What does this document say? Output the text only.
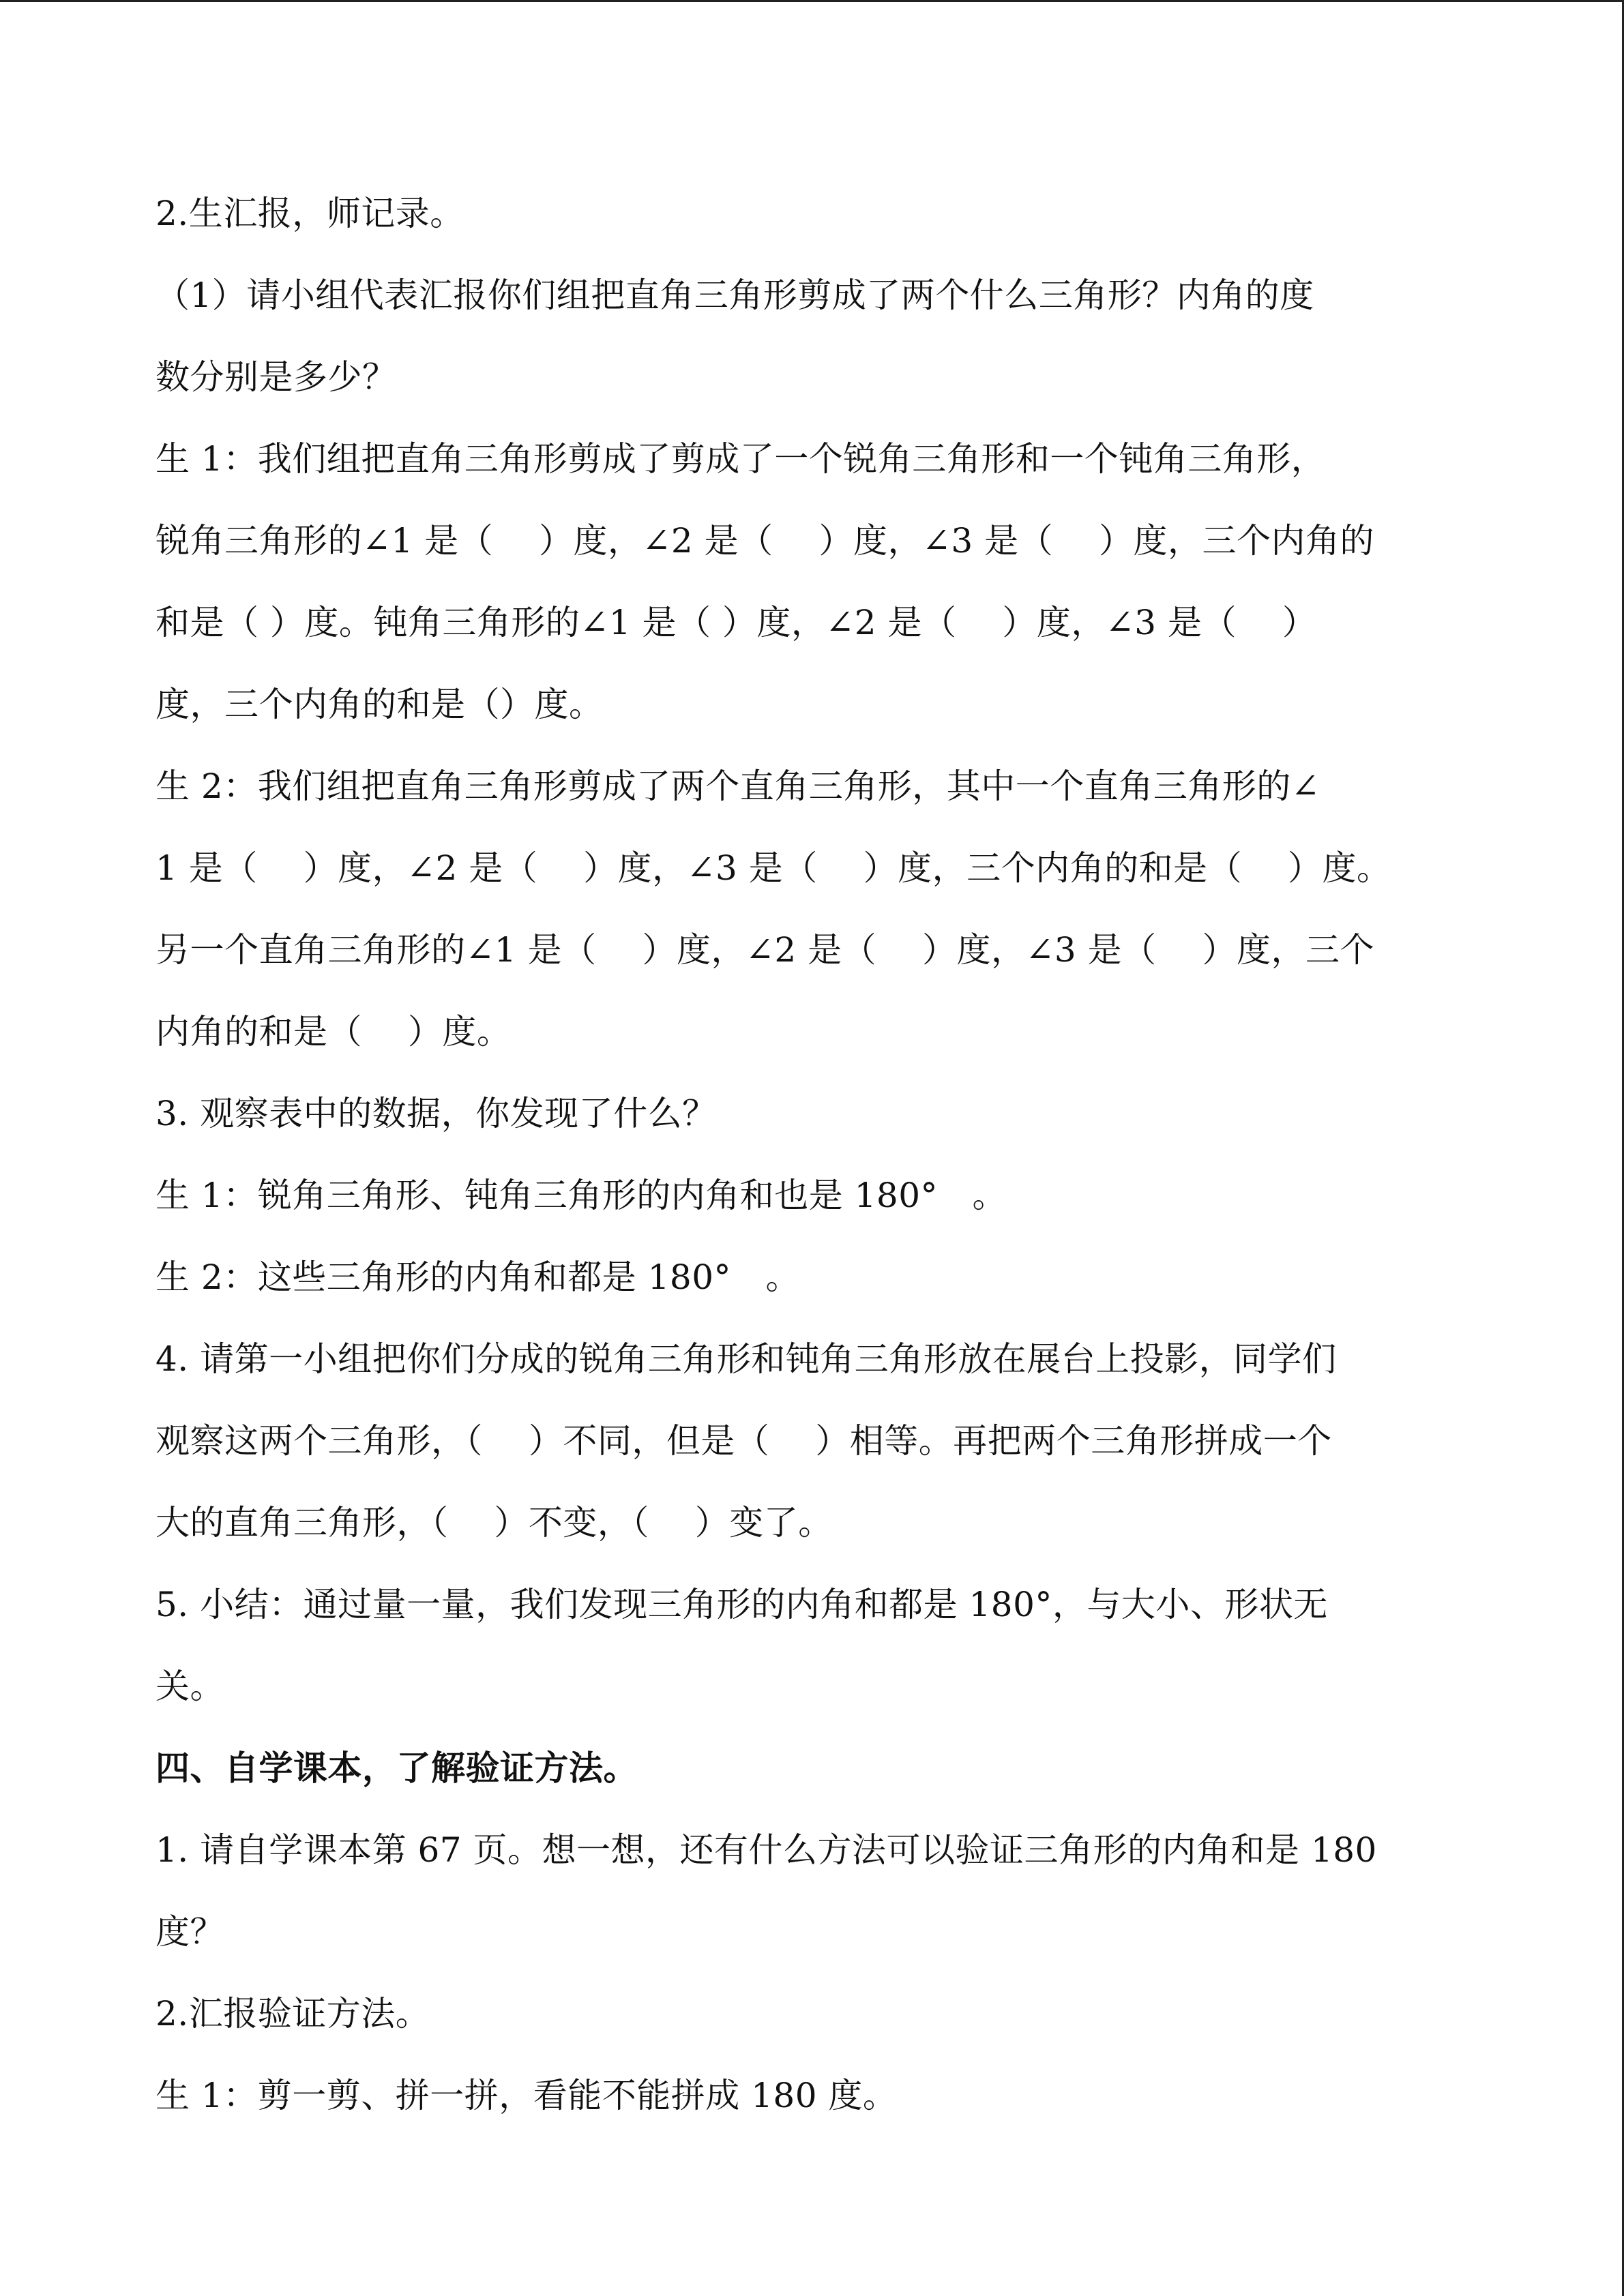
2.生汇报，师记录。
（1）请小组代表汇报你们组把直角三角形剪成了两个什么三角形？内角的度
数分别是多少？
生 1：我们组把直角三角形剪成了剪成了一个锐角三角形和一个钝角三角形，
锐角三角形的∠1 是（　 ）度，∠2 是（　 ）度，∠3 是（　 ）度，三个内角的
和是（ ）度。钝角三角形的∠1 是（ ）度，∠2 是（　 ）度，∠3 是（　 ）
度，三个内角的和是（）度。
生 2：我们组把直角三角形剪成了两个直角三角形，其中一个直角三角形的∠
1 是（　 ）度，∠2 是（　 ）度，∠3 是（　 ）度，三个内角的和是（　 ）度。
另一个直角三角形的∠1 是（　 ）度，∠2 是（　 ）度，∠3 是（　 ）度，三个
内角的和是（　 ）度。
3. 观察表中的数据，你发现了什么？
生 1：锐角三角形、钝角三角形的内角和也是 180°　。
生 2：这些三角形的内角和都是 180°　。
4. 请第一小组把你们分成的锐角三角形和钝角三角形放在展台上投影，同学们
观察这两个三角形，（　 ）不同，但是（　 ）相等。再把两个三角形拼成一个
大的直角三角形，（　 ）不变，（　 ）变了。
5. 小结：通过量一量，我们发现三角形的内角和都是 180°，与大小、形状无
关。
四、自学课本，了解验证方法。
1. 请自学课本第 67 页。想一想，还有什么方法可以验证三角形的内角和是 180
度？
2.汇报验证方法。
生 1：剪一剪、拼一拼，看能不能拼成 180 度。
